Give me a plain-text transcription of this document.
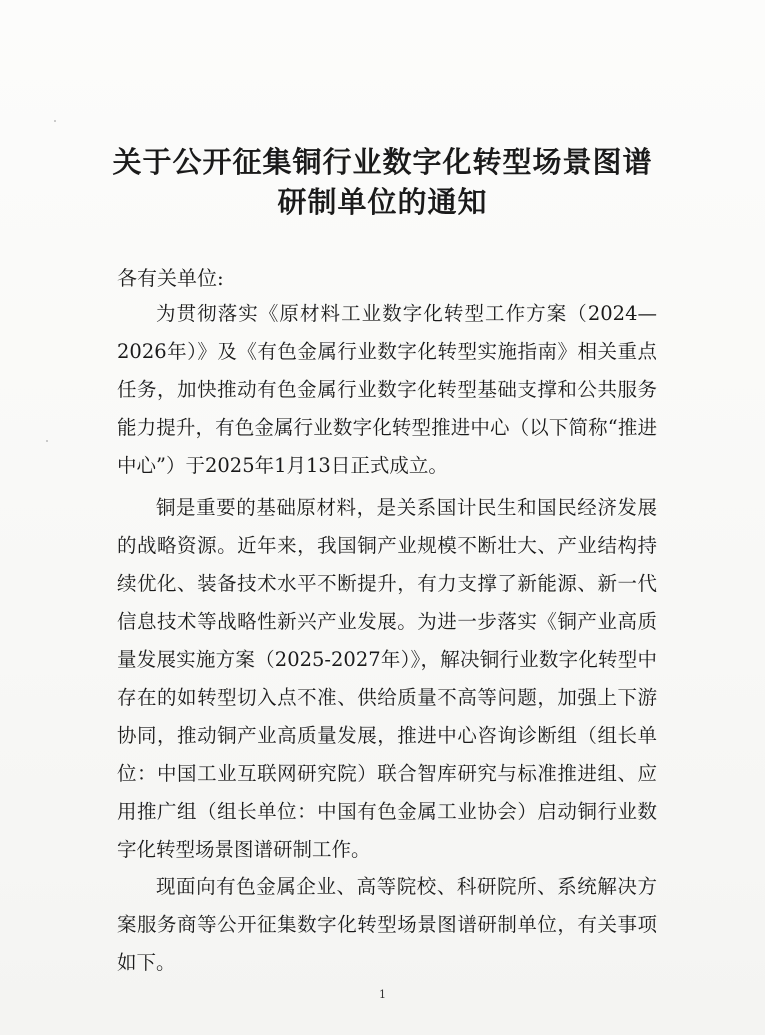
关于公开征集铜行业数字化转型场景图谱
研制单位的通知
各有关单位:

为贯彻落实《原材料工业数字化转型工作方案（2024—2026年）》及《有色金属行业数字化转型实施指南》相关重点任务，加快推动有色金属行业数字化转型基础支撑和公共服务能力提升，有色金属行业数字化转型推进中心（以下简称“推进中心”）于2025年1月13日正式成立。

铜是重要的基础原材料，是关系国计民生和国民经济发展的战略资源。近年来，我国铜产业规模不断壮大、产业结构持续优化、装备技术水平不断提升，有力支撑了新能源、新一代信息技术等战略性新兴产业发展。为进一步落实《铜产业高质量发展实施方案（2025-2027年）》，解决铜行业数字化转型中存在的如转型切入点不准、供给质量不高等问题，加强上下游协同，推动铜产业高质量发展，推进中心咨询诊断组（组长单位：中国工业互联网研究院）联合智库研究与标准推进组、应用推广组（组长单位：中国有色金属工业协会）启动铜行业数字化转型场景图谱研制工作。

现面向有色金属企业、高等院校、科研院所、系统解决方案服务商等公开征集数字化转型场景图谱研制单位，有关事项如下。

1
